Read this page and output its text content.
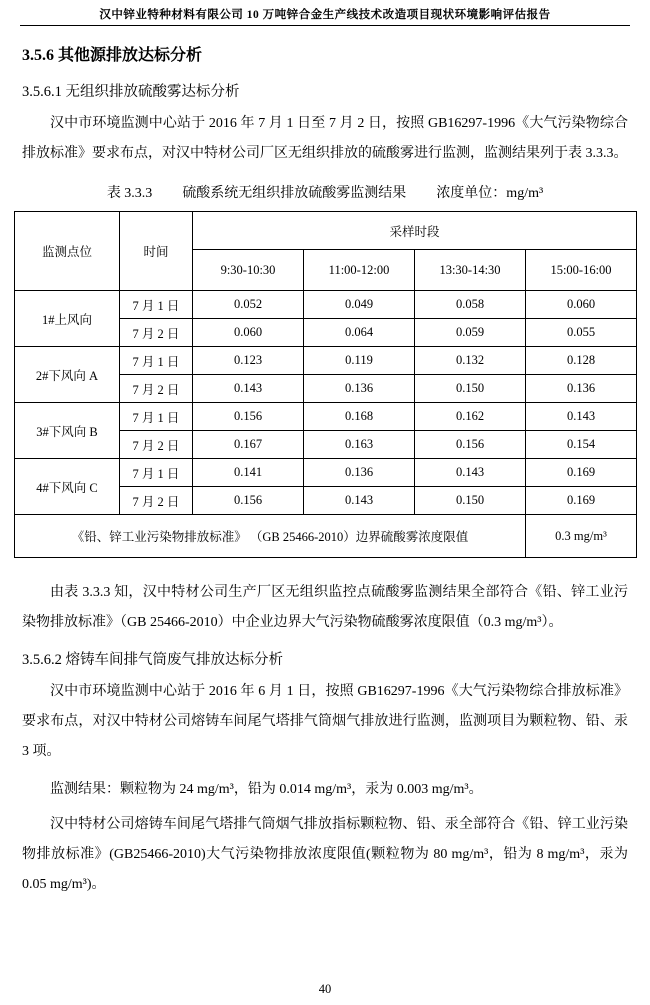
汉中锌业特种材料有限公司 10 万吨锌合金生产线技术改造项目现状环境影响评估报告
3.5.6 其他源排放达标分析
3.5.6.1 无组织排放硫酸雾达标分析

汉中市环境监测中心站于 2016 年 7 月 1 日至 7 月 2 日，按照 GB16297-1996《大气污染物综合排放标准》要求布点，对汉中特材公司厂区无组织排放的硫酸雾进行监测，监测结果列于表 3.3.3。

表 3.3.3 硫酸系统无组织排放硫酸雾监测结果 浓度单位：mg/m³
监测点位	时间	采样时段			
		9:30-10:30	11:00-12:00	13:30-14:30	15:00-16:00
1#上风向	7 月 1 日	0.052	0.049	0.058	0.060
	7 月 2 日	0.060	0.064	0.059	0.055
2#下风向 A	7 月 1 日	0.123	0.119	0.132	0.128
	7 月 2 日	0.143	0.136	0.150	0.136
3#下风向 B	7 月 1 日	0.156	0.168	0.162	0.143
	7 月 2 日	0.167	0.163	0.156	0.154
4#下风向 C	7 月 1 日	0.141	0.136	0.143	0.169
	7 月 2 日	0.156	0.143	0.150	0.169
《铅、锌工业污染物排放标准》 （GB 25466-2010）边界硫酸雾浓度限值					0.3 mg/m³

由表 3.3.3 知，汉中特材公司生产厂区无组织监控点硫酸雾监测结果全部符合《铅、锌工业污染物排放标准》（GB 25466-2010）中企业边界大气污染物硫酸雾浓度限值（0.3 mg/m³）。

3.5.6.2 熔铸车间排气筒废气排放达标分析

汉中市环境监测中心站于 2016 年 6 月 1 日，按照 GB16297-1996《大气污染物综合排放标准》要求布点，对汉中特材公司熔铸车间尾气塔排气筒烟气排放进行监测，监测项目为颗粒物、铅、汞 3 项。

监测结果：颗粒物为 24 mg/m³，铅为 0.014 mg/m³，汞为 0.003 mg/m³。

汉中特材公司熔铸车间尾气塔排气筒烟气排放指标颗粒物、铅、汞全部符合《铅、锌工业污染物排放标准》(GB25466-2010)大气污染物排放浓度限值(颗粒物为 80 mg/m³，铅为 8 mg/m³，汞为 0.05 mg/m³)。

40
